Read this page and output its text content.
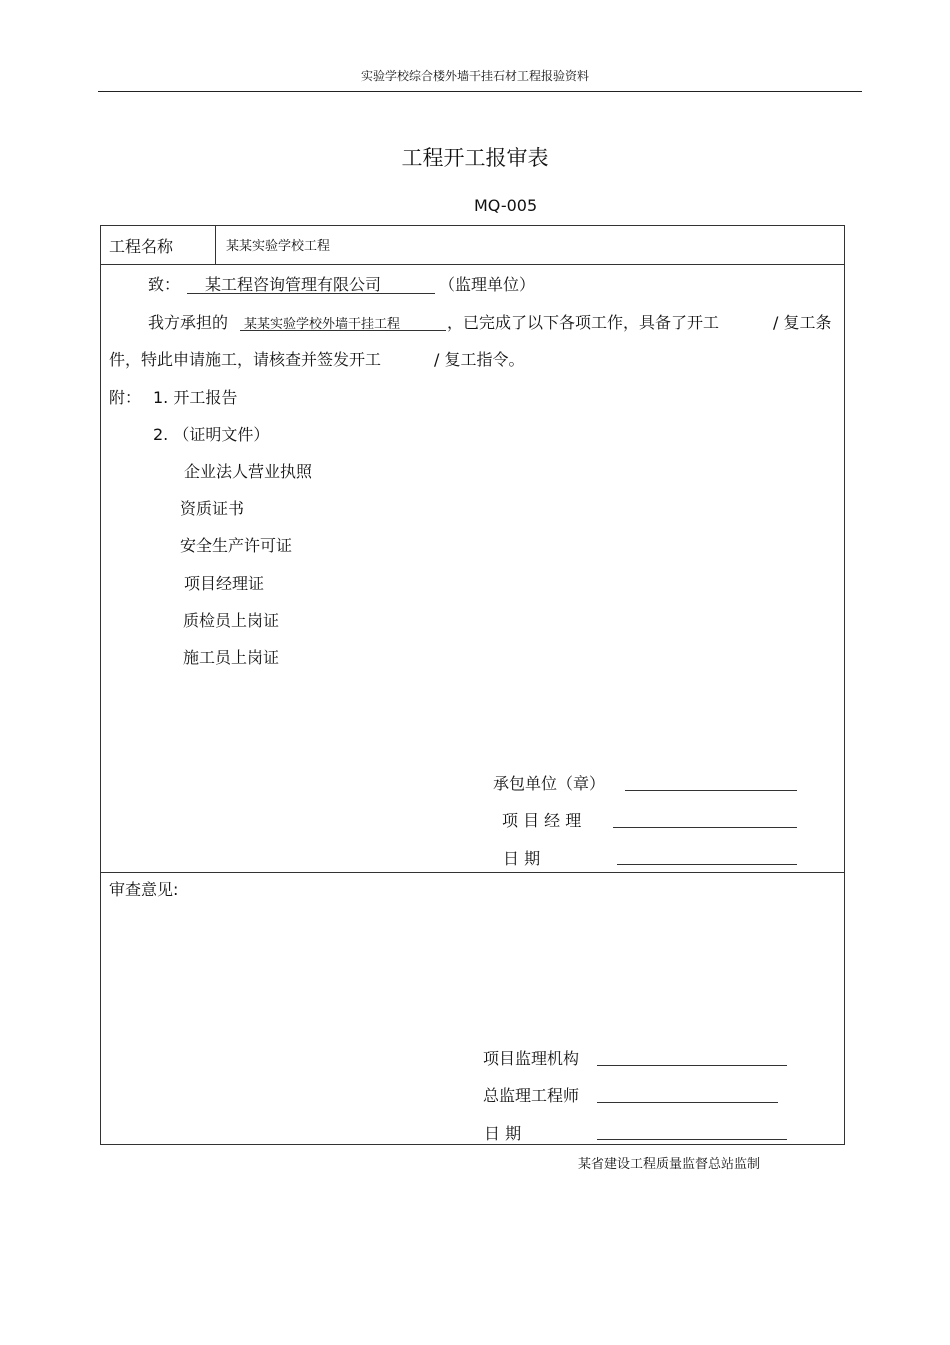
实验学校综合楼外墙干挂石材工程报验资料
工程开工报审表
MQ-005
工程名称	某某实验学校工程
致： 某工程咨询管理有限公司	（监理单位）
我方承担的 某某实验学校外墙干挂工程	，已完成了以下各项工作，具备了开工	/ 复工条
件，特此申请施工，请核查并签发开工	/ 复工指令。
附： 1. 开工报告
2. （证明文件）
企业法人营业执照
资质证书
安全生产许可证
项目经理证
质检员上岗证
施工员上岗证
承包单位（章）
项 目 经 理
日 期
审查意见:
项目监理机构
总监理工程师
日 期
某省建设工程质量监督总站监制
